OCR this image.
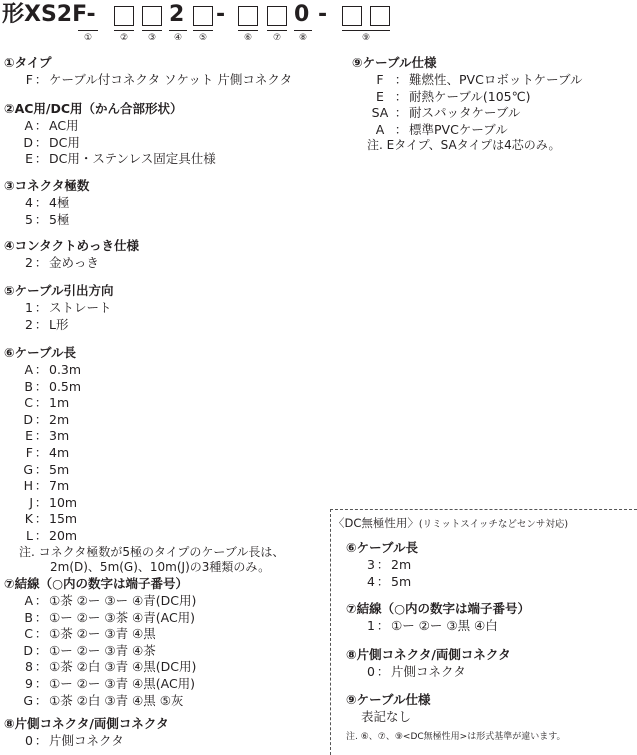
形XS2F-	2 -	0 -
①	②	③	④	⑤	⑥	⑦	⑧	⑨
①タイプ
F ： ケーブル付コネクタ ソケット 片側コネクタ
②AC用/DC用（かん合部形状）
A ： AC用
D ： DC用
E ： DC用・ステンレス固定具仕様
③コネクタ極数
4 ： 4極
5 ： 5極
④コンタクトめっき仕様
2 ： 金めっき
⑤ケーブル引出方向
1 ： ストレート
2 ： L形
⑥ケーブル長
A ： 0.3m
B ： 0.5m
C ： 1m
D ： 2m
E ： 3m
F ： 4m
G ： 5m
H ： 7m
J ： 10m
K ： 15m
L ： 20m
注. コネクタ極数が5極のタイプのケーブル長は、
2m(D)、5m(G)、10m(J)の3種類のみ。
⑦結線（○内の数字は端子番号）
A ： ①茶 ②ー ③ー ④青(DC用)
B ： ①ー ②ー ③茶 ④青(AC用)
C ： ①茶 ②ー ③青 ④黒
D ： ①ー ②ー ③青 ④茶
8 ： ①茶 ②白 ③青 ④黒(DC用)
9 ： ①ー ②ー ③青 ④黒(AC用)
G ： ①茶 ②白 ③青 ④黒 ⑤灰
⑧片側コネクタ/両側コネクタ
0 ： 片側コネクタ
⑨ケーブル仕様
F ： 難燃性、PVCロボットケーブル
E ： 耐熱ケーブル(105℃)
SA ： 耐スパッタケーブル
A ： 標準PVCケーブル
注. Eタイプ、SAタイプは4芯のみ。
〈DC無極性用〉(リミットスイッチなどセンサ対応)
⑥ケーブル長
3 ： 2m
4 ： 5m
⑦結線（○内の数字は端子番号）
1 ： ①ー ②ー ③黒 ④白
⑧片側コネクタ/両側コネクタ
0 ： 片側コネクタ
⑨ケーブル仕様
表記なし
注. ⑥、⑦、⑨<DC無極性用>は形式基準が違います。
